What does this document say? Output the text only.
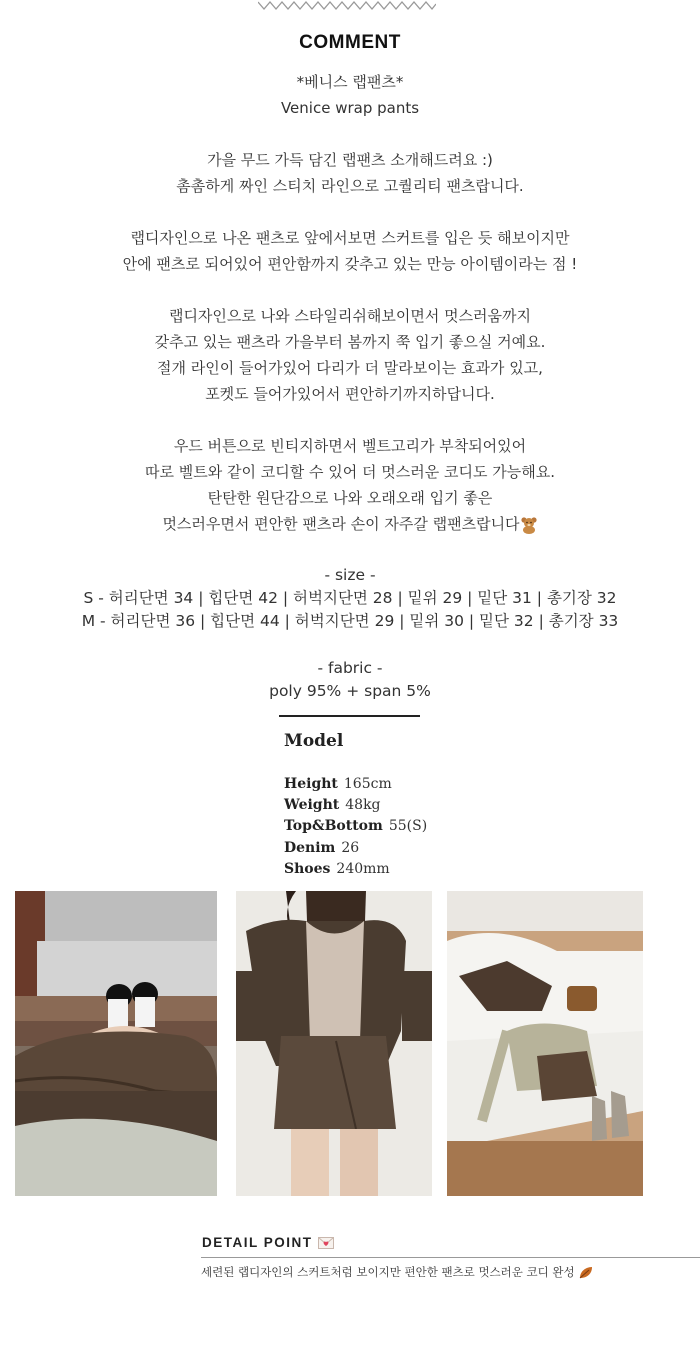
COMMENT

*베니스 랩팬츠*

Venice wrap pants

가을 무드 가득 담긴 랩팬츠 소개해드려요 :)

촘촘하게 짜인 스티치 라인으로 고퀄리티 팬츠랍니다.

랩디자인으로 나온 팬츠로 앞에서보면 스커트를 입은 듯 해보이지만

안에 팬츠로 되어있어 편안함까지 갖추고 있는 만능 아이템이라는 점 !

랩디자인으로 나와 스타일리쉬해보이면서 멋스러움까지

갖추고 있는 팬츠라 가을부터 봄까지 쭉 입기 좋으실 거예요.

절개 라인이 들어가있어 다리가 더 말라보이는 효과가 있고,

포켓도 들어가있어서 편안하기까지하답니다.

우드 버튼으로 빈티지하면서 벨트고리가 부착되어있어

따로 벨트와 같이 코디할 수 있어 더 멋스러운 코디도 가능해요.

탄탄한 원단감으로 나와 오래오래 입기 좋은

멋스러우면서 편안한 팬츠라 손이 자주갈 랩팬츠랍니다

- size -
S - 허리단면 34 | 힙단면 42 | 허벅지단면 28 | 밑위 29 | 밑단 31 | 총기장 32
M - 허리단면 36 | 힙단면 44 | 허벅지단면 29 | 밑위 30 | 밑단 32 | 총기장 33
- fabric -
poly 95% + span 5%
Model
Height 165cm
Weight 48kg
Top&Bottom 55(S)
Denim 26
Shoes 240mm
DETAIL POINT
세련된 랩디자인의 스커트처럼 보이지만 편안한 팬츠로 멋스러운 코디 완성
